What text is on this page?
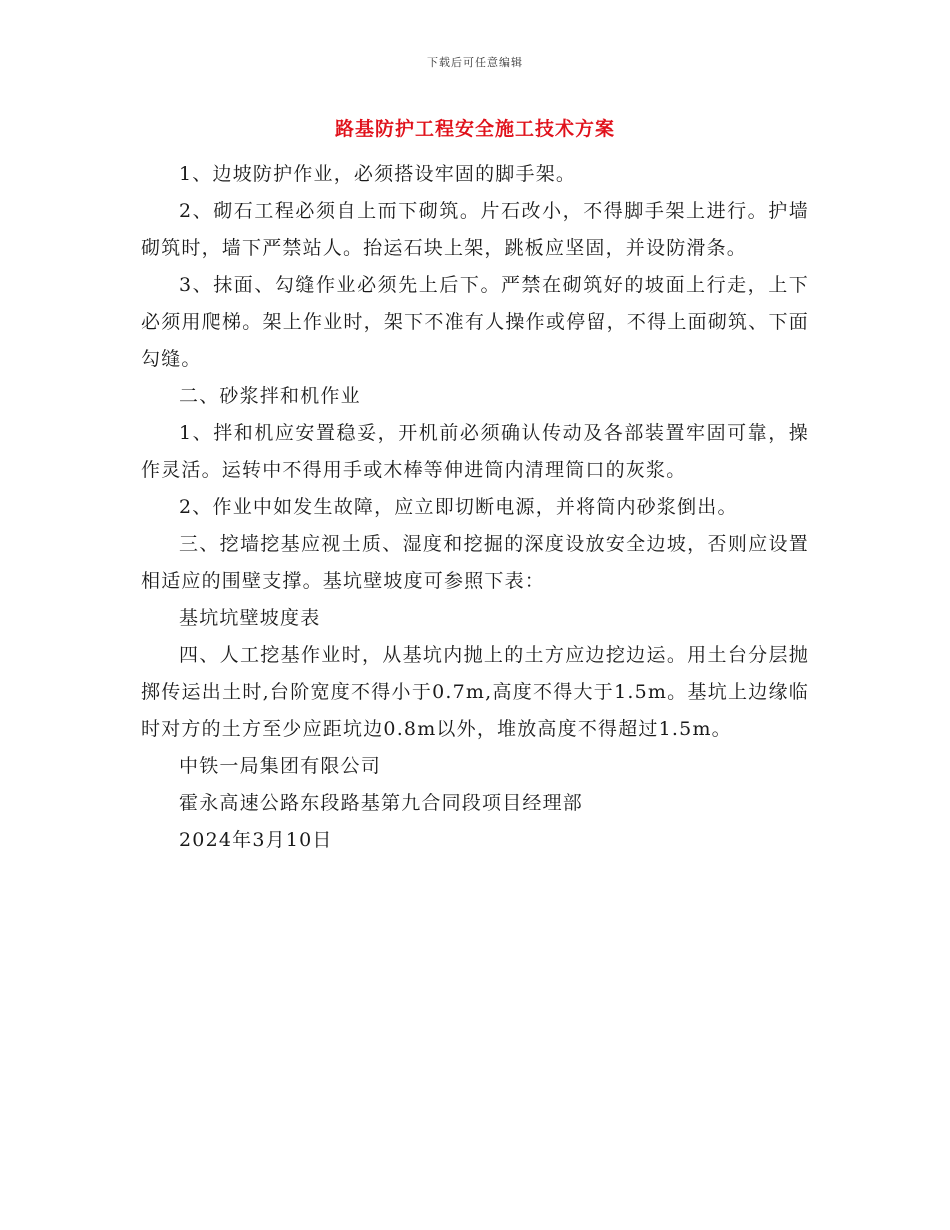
下载后可任意编辑
路基防护工程安全施工技术方案

1、边坡防护作业，必须搭设牢固的脚手架。

2、砌石工程必须自上而下砌筑。片石改小，不得脚手架上进行。护墙砌筑时，墙下严禁站人。抬运石块上架，跳板应坚固，并设防滑条。

3、抹面、勾缝作业必须先上后下。严禁在砌筑好的坡面上行走，上下必须用爬梯。架上作业时，架下不准有人操作或停留，不得上面砌筑、下面勾缝。

二、砂浆拌和机作业

1、拌和机应安置稳妥，开机前必须确认传动及各部装置牢固可靠，操作灵活。运转中不得用手或木棒等伸进筒内清理筒口的灰浆。

2、作业中如发生故障，应立即切断电源，并将筒内砂浆倒出。

三、挖墙挖基应视土质、湿度和挖掘的深度设放安全边坡，否则应设置相适应的围壁支撑。基坑壁坡度可参照下表：

基坑坑壁坡度表

四、人工挖基作业时，从基坑内抛上的土方应边挖边运。用土台分层抛掷传运出土时,台阶宽度不得小于0.7m,高度不得大于1.5m。基坑上边缘临时对方的土方至少应距坑边0.8m以外，堆放高度不得超过1.5m。

中铁一局集团有限公司

霍永高速公路东段路基第九合同段项目经理部

2024年3月10日
